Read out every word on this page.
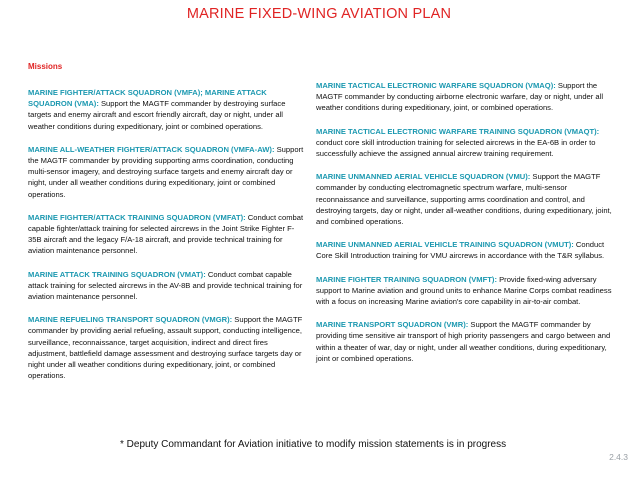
MARINE FIXED-WING AVIATION PLAN
Missions

MARINE FIGHTER/ATTACK SQUADRON (VMFA); MARINE ATTACK SQUADRON (VMA): Support the MAGTF commander by destroying surface targets and enemy aircraft and escort friendly aircraft, day or night, under all weather conditions during expeditionary, joint or combined operations.

MARINE ALL-WEATHER FIGHTER/ATTACK SQUADRON (VMFA-AW): Support the MAGTF commander by providing supporting arms coordination, conducting multi-sensor imagery, and destroying surface targets and enemy aircraft day or night, under all weather conditions during expeditionary, joint or combined operations.

MARINE FIGHTER/ATTACK TRAINING SQUADRON (VMFAT): Conduct combat capable fighter/attack training for selected aircrews in the Joint Strike Fighter F-35B aircraft and the legacy F/A-18 aircraft, and provide technical training for aviation maintenance personnel.

MARINE ATTACK TRAINING SQUADRON (VMAT): Conduct combat capable attack training for selected aircrews in the AV-8B and provide technical training for aviation maintenance personnel.

MARINE REFUELING TRANSPORT SQUADRON (VMGR): Support the MAGTF commander by providing aerial refueling, assault support, conducting intelligence, surveillance, reconnaissance, target acquisition, indirect and direct fires adjustment, battlefield damage assessment and destroying surface targets day or night under all weather conditions during expeditionary, joint, or combined operations.

MARINE TACTICAL ELECTRONIC WARFARE SQUADRON (VMAQ): Support the MAGTF commander by conducting airborne electronic warfare, day or night, under all weather conditions during expeditionary, joint, or combined operations.

MARINE TACTICAL ELECTRONIC WARFARE TRAINING SQUADRON (VMAQT): conduct core skill introduction training for selected aircrews in the EA-6B in order to successfully achieve the assigned annual aircrew training requirement.

MARINE UNMANNED AERIAL VEHICLE SQUADRON (VMU): Support the MAGTF commander by conducting electromagnetic spectrum warfare, multi-sensor reconnaissance and surveillance, supporting arms coordination and control, and destroying targets, day or night, under all-weather conditions, during expeditionary, joint, and combined operations.

MARINE UNMANNED AERIAL VEHICLE TRAINING SQUADRON (VMUT): Conduct Core Skill Introduction training for VMU aircrews in accordance with the T&R syllabus.

MARINE FIGHTER TRAINING SQUADRON (VMFT): Provide fixed-wing adversary support to Marine aviation and ground units to enhance Marine Corps combat readiness with a focus on increasing Marine aviation's core capability in air-to-air combat.

MARINE TRANSPORT SQUADRON (VMR): Support the MAGTF commander by providing time sensitive air transport of high priority passengers and cargo between and within a theater of war, day or night, under all weather conditions, during expeditionary, joint or combined operations.

* Deputy Commandant for Aviation initiative to modify mission statements is in progress
2.4.3
